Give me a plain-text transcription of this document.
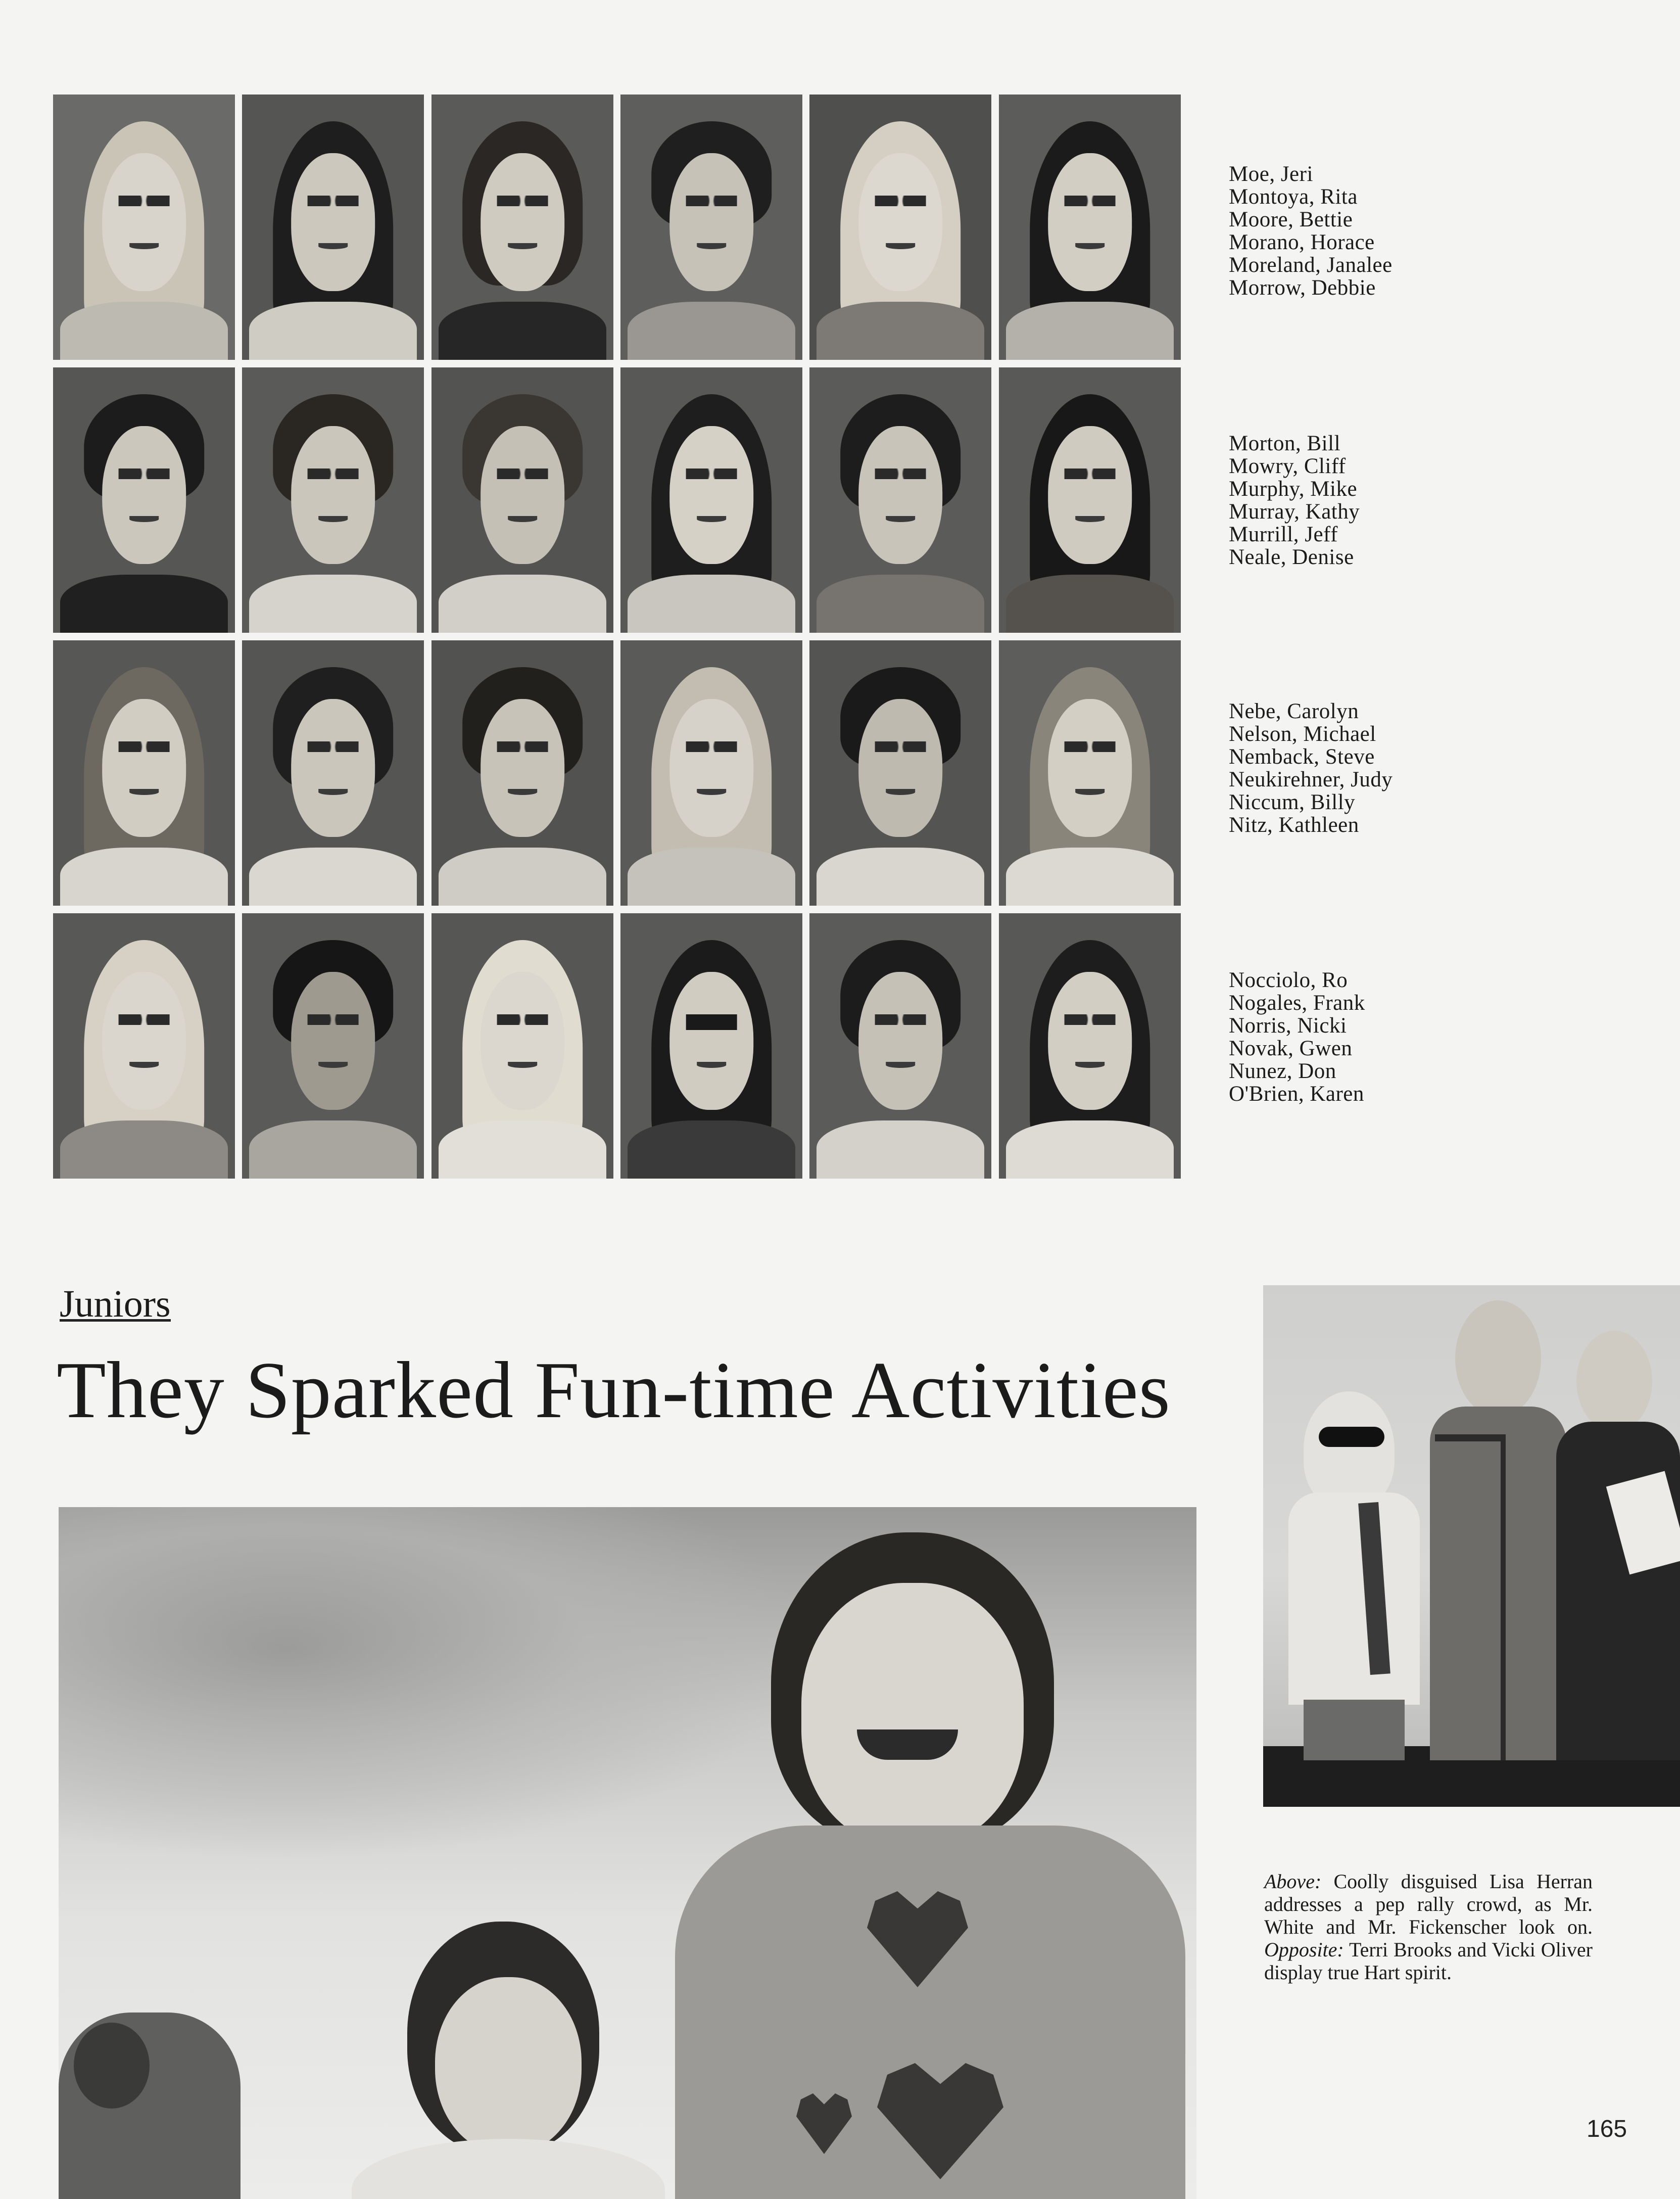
Moe, Jeri
Montoya, Rita
Moore, Bettie
Morano, Horace
Moreland, Janalee
Morrow, Debbie
Morton, Bill
Mowry, Cliff
Murphy, Mike
Murray, Kathy
Murrill, Jeff
Neale, Denise
Nebe, Carolyn
Nelson, Michael
Nemback, Steve
Neukirehner, Judy
Niccum, Billy
Nitz, Kathleen
Nocciolo, Ro
Nogales, Frank
Norris, Nicki
Novak, Gwen
Nunez, Don
O'Brien, Karen
Juniors
They Sparked Fun-time Activities
Above: Coolly disguised Lisa Herran addresses a pep rally crowd, as Mr. White and Mr. Fickenscher look on. Opposite: Terri Brooks and Vicki Oliver display true Hart spirit.
165
